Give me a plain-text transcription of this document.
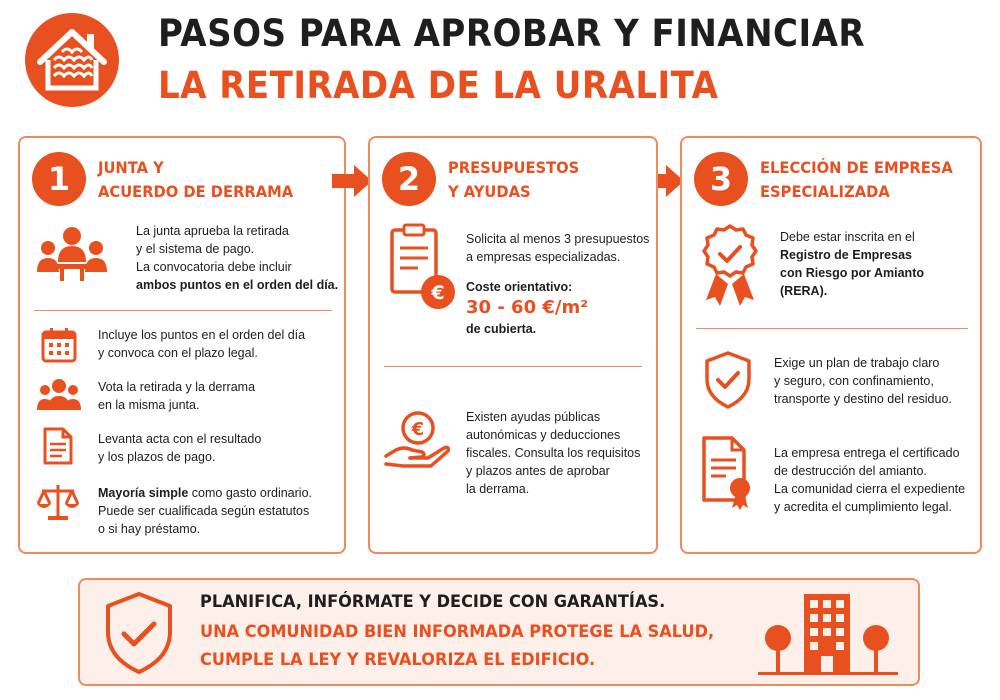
PASOS PARA APROBAR Y FINANCIAR
LA RETIRADA DE LA URALITA
1	JUNTA Y
ACUERDO DE DERRAMA
La junta aprueba la retirada
y el sistema de pago.
La convocatoria debe incluir
ambos puntos en el orden del día.
Incluye los puntos en el orden del día
y convoca con el plazo legal.
Vota la retirada y la derrama
en la misma junta.
Levanta acta con el resultado
y los plazos de pago.
Mayoría simple como gasto ordinario.
Puede ser cualificada según estatutos
o si hay préstamo.
2	PRESUPUESTOS
Y AYUDAS
€
Solicita al menos 3 presupuestos
a empresas especializadas.
Coste orientativo:
30 - 60 €/m²
de cubierta.
€
Existen ayudas públicas
autonómicas y deducciones
fiscales. Consulta los requisitos
y plazos antes de aprobar
la derrama.
3	ELECCIÓN DE EMPRESA
ESPECIALIZADA
Debe estar inscrita en el
Registro de Empresas
con Riesgo por Amianto
(RERA).
Exige un plan de trabajo claro
y seguro, con confinamiento,
transporte y destino del residuo.
La empresa entrega el certificado
de destrucción del amianto.
La comunidad cierra el expediente
y acredita el cumplimiento legal.
PLANIFICA, INFÓRMATE Y DECIDE CON GARANTÍAS.
UNA COMUNIDAD BIEN INFORMADA PROTEGE LA SALUD,
CUMPLE LA LEY Y REVALORIZA EL EDIFICIO.
